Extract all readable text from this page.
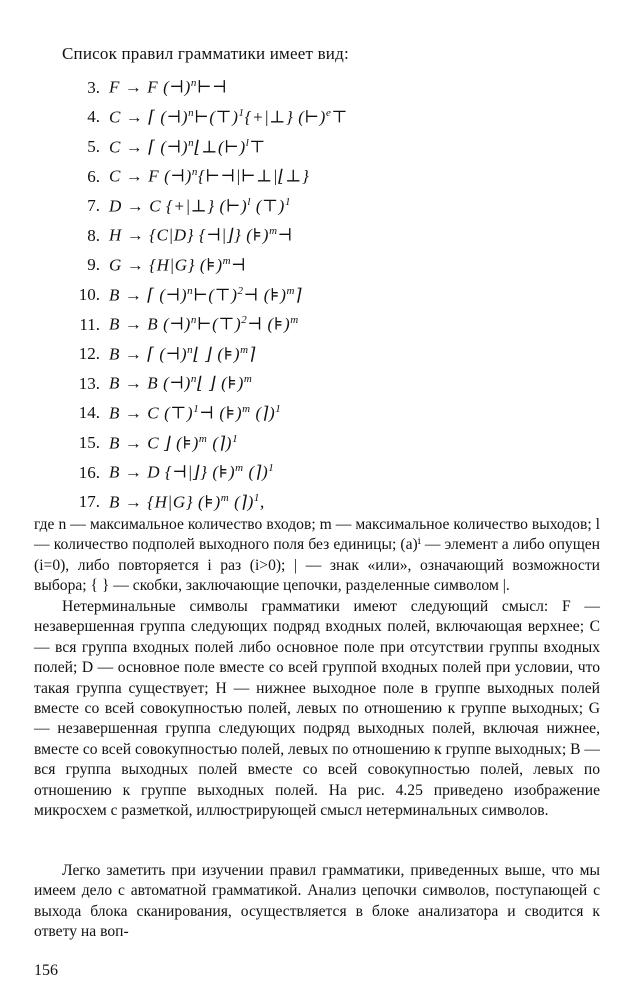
Список правил грамматики имеет вид:
3. F → F (⊣)$^n$⊢⊣
4. C → ⌈ (⊣)$^n$⊢(⊤)$^1${+|⊥} (⊢)$^e$⊤
5. C → ⌈ (⊣)$^n$⌊⊥(⊢)$^l$⊤
6. C → F (⊣)$^n${⊢⊣|⊢⊥|⌊⊥}
7. D → C {+|⊥} (⊢)$^l$ (⊤)$^1$
8. H → {C|D} {⊣|⌋} (⊧)$^m$⊣
9. G → {H|G} (⊧)$^m$⊣
10. B → ⌈ (⊣)$^n$⊢(⊤)$^2$⊣ (⊧)$^m$⌉
11. B → B (⊣)$^n$⊢(⊤)$^2$⊣ (⊧)$^m$
12. B → ⌈ (⊣)$^n$⌊ ⌋ (⊧)$^m$⌉
13. B → B (⊣)$^n$⌊ ⌋ (⊧)$^m$
14. B → C (⊤)$^1$⊣ (⊧)$^m$ (⌉)$^1$
15. B → C ⌋ (⊧)$^m$ (⌉)$^1$
16. B → D {⊣|⌋} (⊧)$^m$ (⌉)$^1$
17. B → {H|G} (⊧)$^m$ (⌉)$^1$,

где n — максимальное количество входов; m — максимальное количество выходов; l — количество подполей выходного поля без единицы; (a)ⁱ — элемент a либо опущен (i=0), либо повторяется i раз (i>0); | — знак «или», означающий возможности выбора; { } — скобки, заключающие цепочки, разделенные символом |.

Нетерминальные символы грамматики имеют следующий смысл: F — незавершенная группа следующих подряд входных полей, включающая верхнее; C — вся группа входных полей либо основное поле при отсутствии группы входных полей; D — основное поле вместе со всей группой входных полей при условии, что такая группа существует; H — нижнее выходное поле в группе выходных полей вместе со всей совокупностью полей, левых по отношению к группе выходных; G — незавершенная группа следующих подряд выходных полей, включая нижнее, вместе со всей совокупностью полей, левых по отношению к группе выходных; B — вся группа выходных полей вместе со всей совокупностью полей, левых по отношению к группе выходных полей. На рис. 4.25 приведено изображение микросхем с разметкой, иллюстрирующей смысл нетерминальных символов.

Легко заметить при изучении правил грамматики, приведенных выше, что мы имеем дело с автоматной грамматикой. Анализ цепочки символов, поступающей с выхода блока сканирования, осуществляется в блоке анализатора и сводится к ответу на воп-

156
